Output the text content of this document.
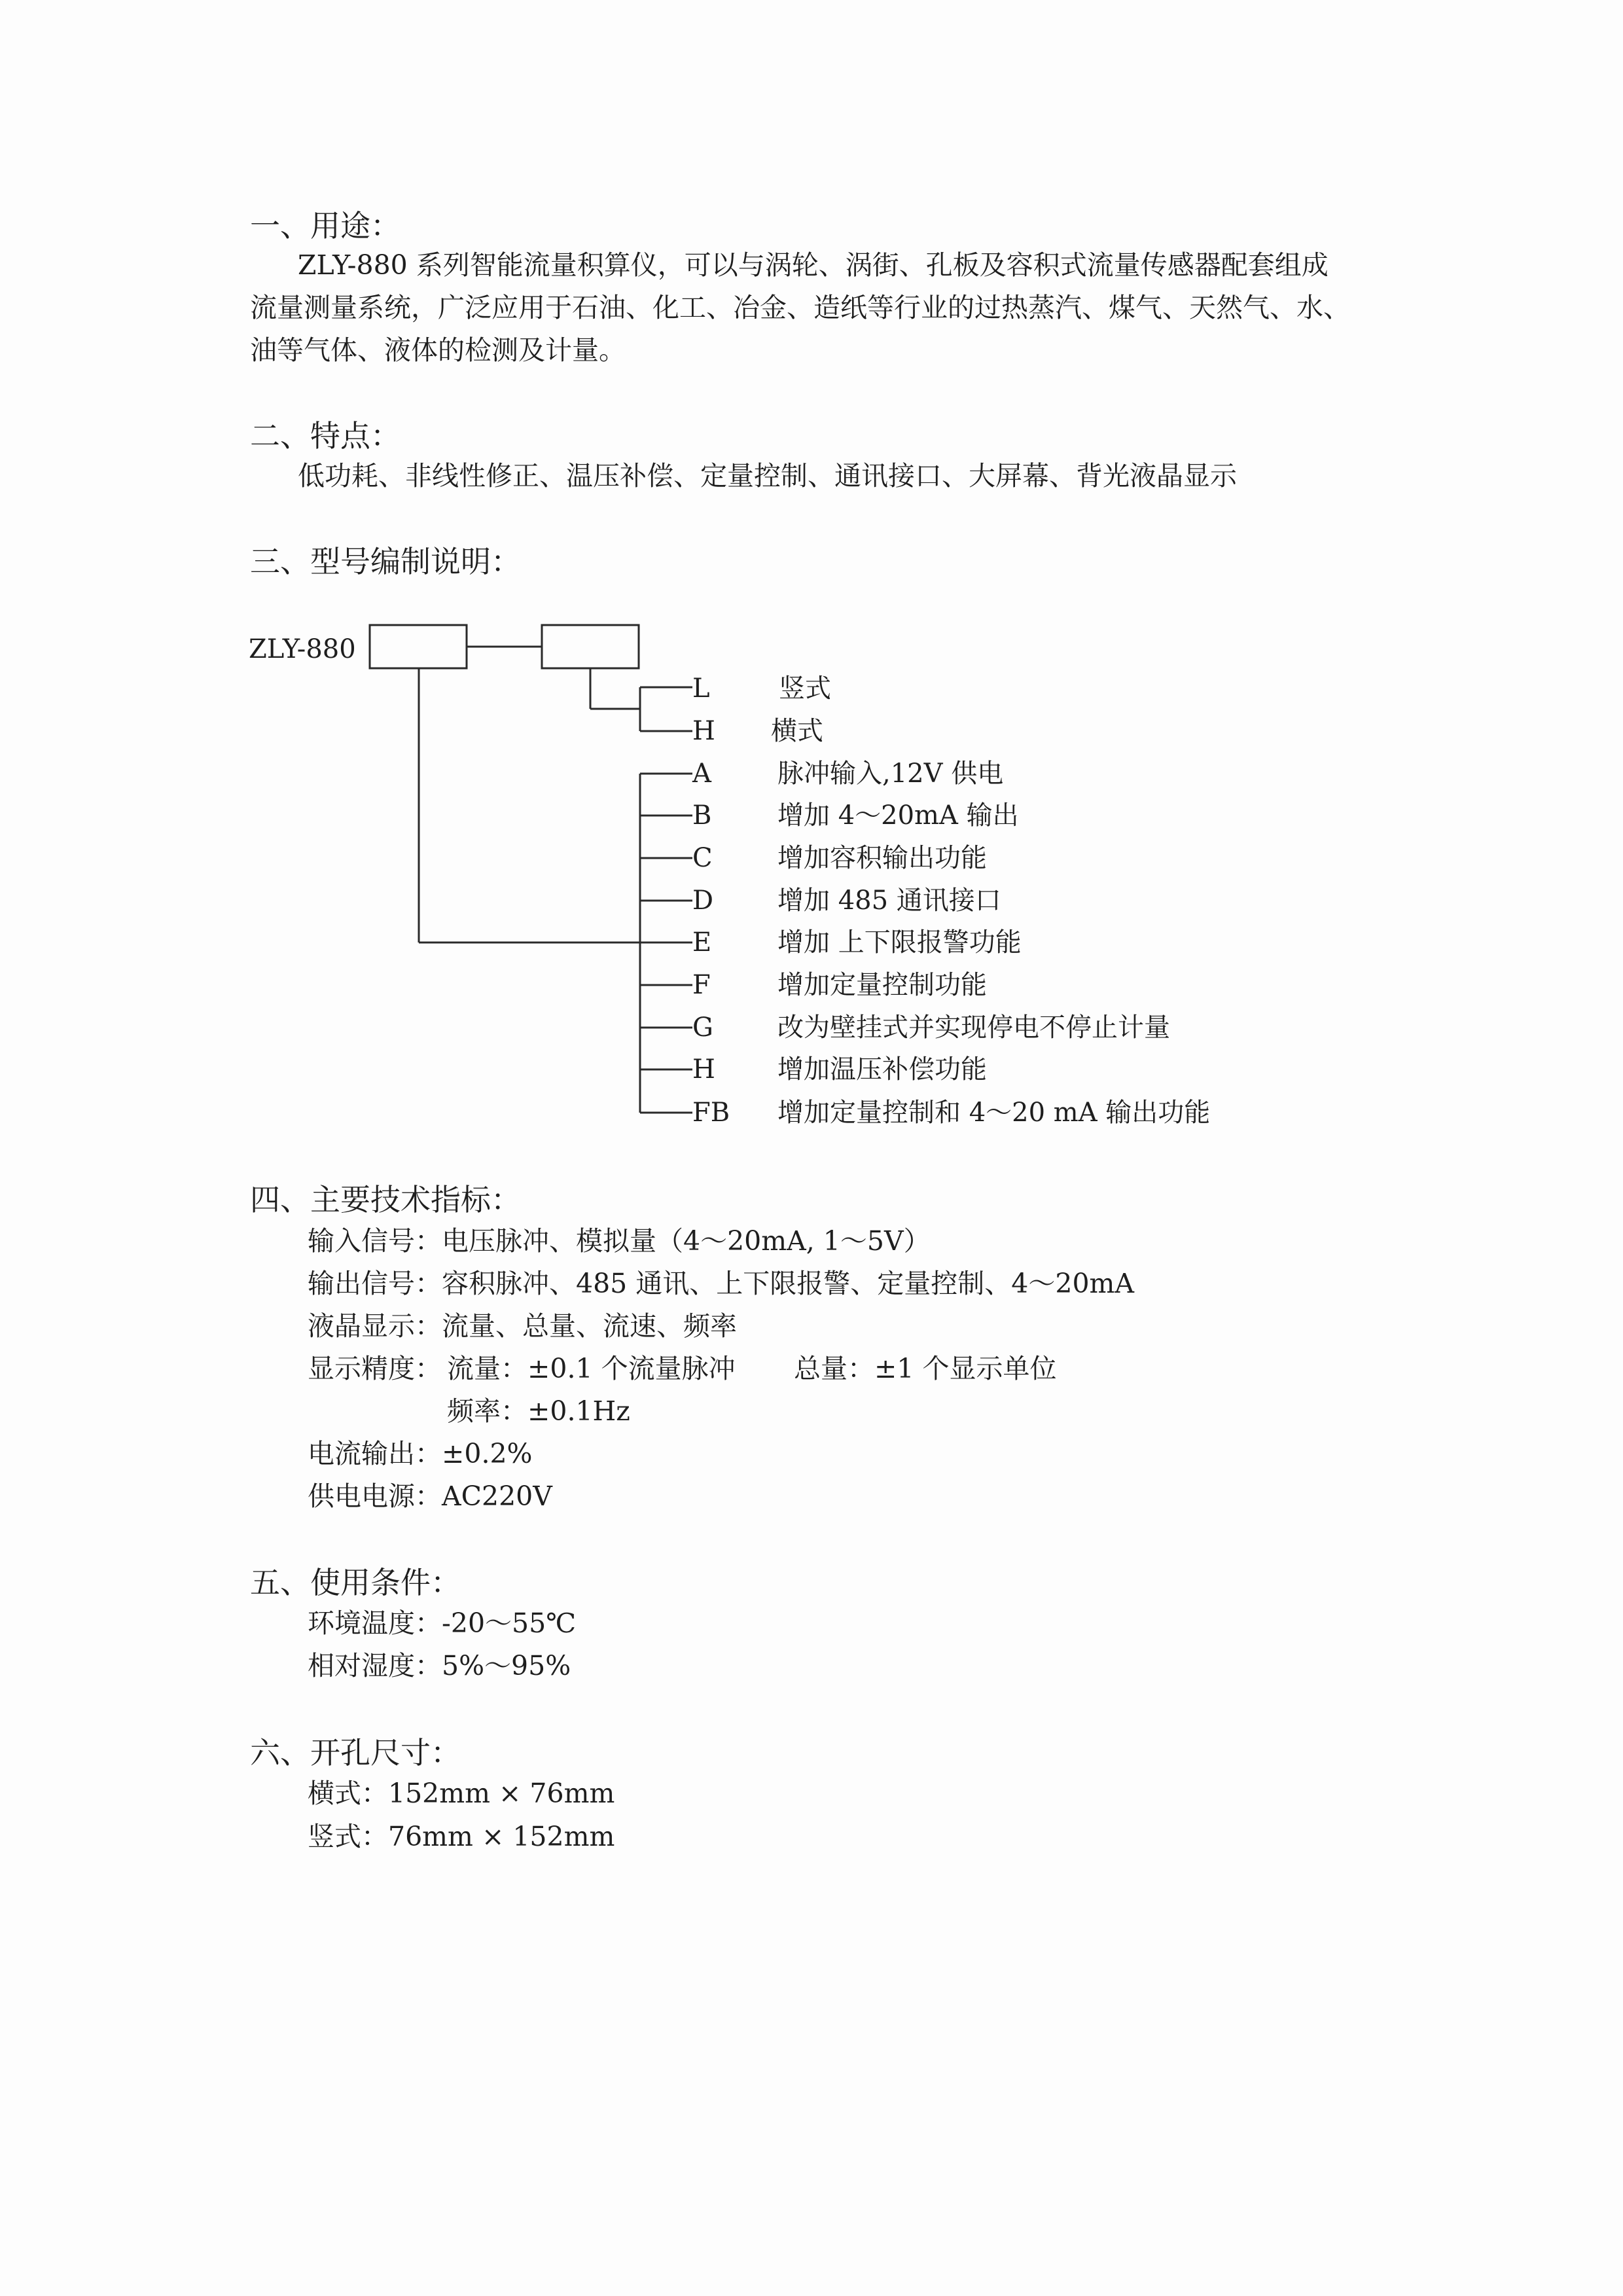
一、用途：
ZLY-880 系列智能流量积算仪，可以与涡轮、涡街、孔板及容积式流量传感器配套组成
流量测量系统，广泛应用于石油、化工、冶金、造纸等行业的过热蒸汽、煤气、天然气、水、
油等气体、液体的检测及计量。
二、特点：
低功耗、非线性修正、温压补偿、定量控制、通讯接口、大屏幕、背光液晶显示
三、型号编制说明：
ZLY-880
L	竖式
H 横式
A	脉冲输入,12V 供电
B	增加 4～20mA 输出
C 增加容积输出功能
D 增加 485 通讯接口
E	增加 上下限报警功能
F	增加定量控制功能
G 改为壁挂式并实现停电不停止计量
H 增加温压补偿功能
FB 增加定量控制和 4～20 mA 输出功能
四、主要技术指标：
输入信号：电压脉冲、模拟量（4～20mA, 1～5V）
输出信号：容积脉冲、485 通讯、上下限报警、定量控制、4～20mA
液晶显示：流量、总量、流速、频率
显示精度： 流量：±0.1 个流量脉冲 总量：±1 个显示单位
频率：±0.1Hz
电流输出：±0.2%
供电电源：AC220V
五、使用条件：
环境温度：-20～55℃
相对湿度：5%～95%
六、开孔尺寸：
横式：152mm × 76mm
竖式：76mm × 152mm
